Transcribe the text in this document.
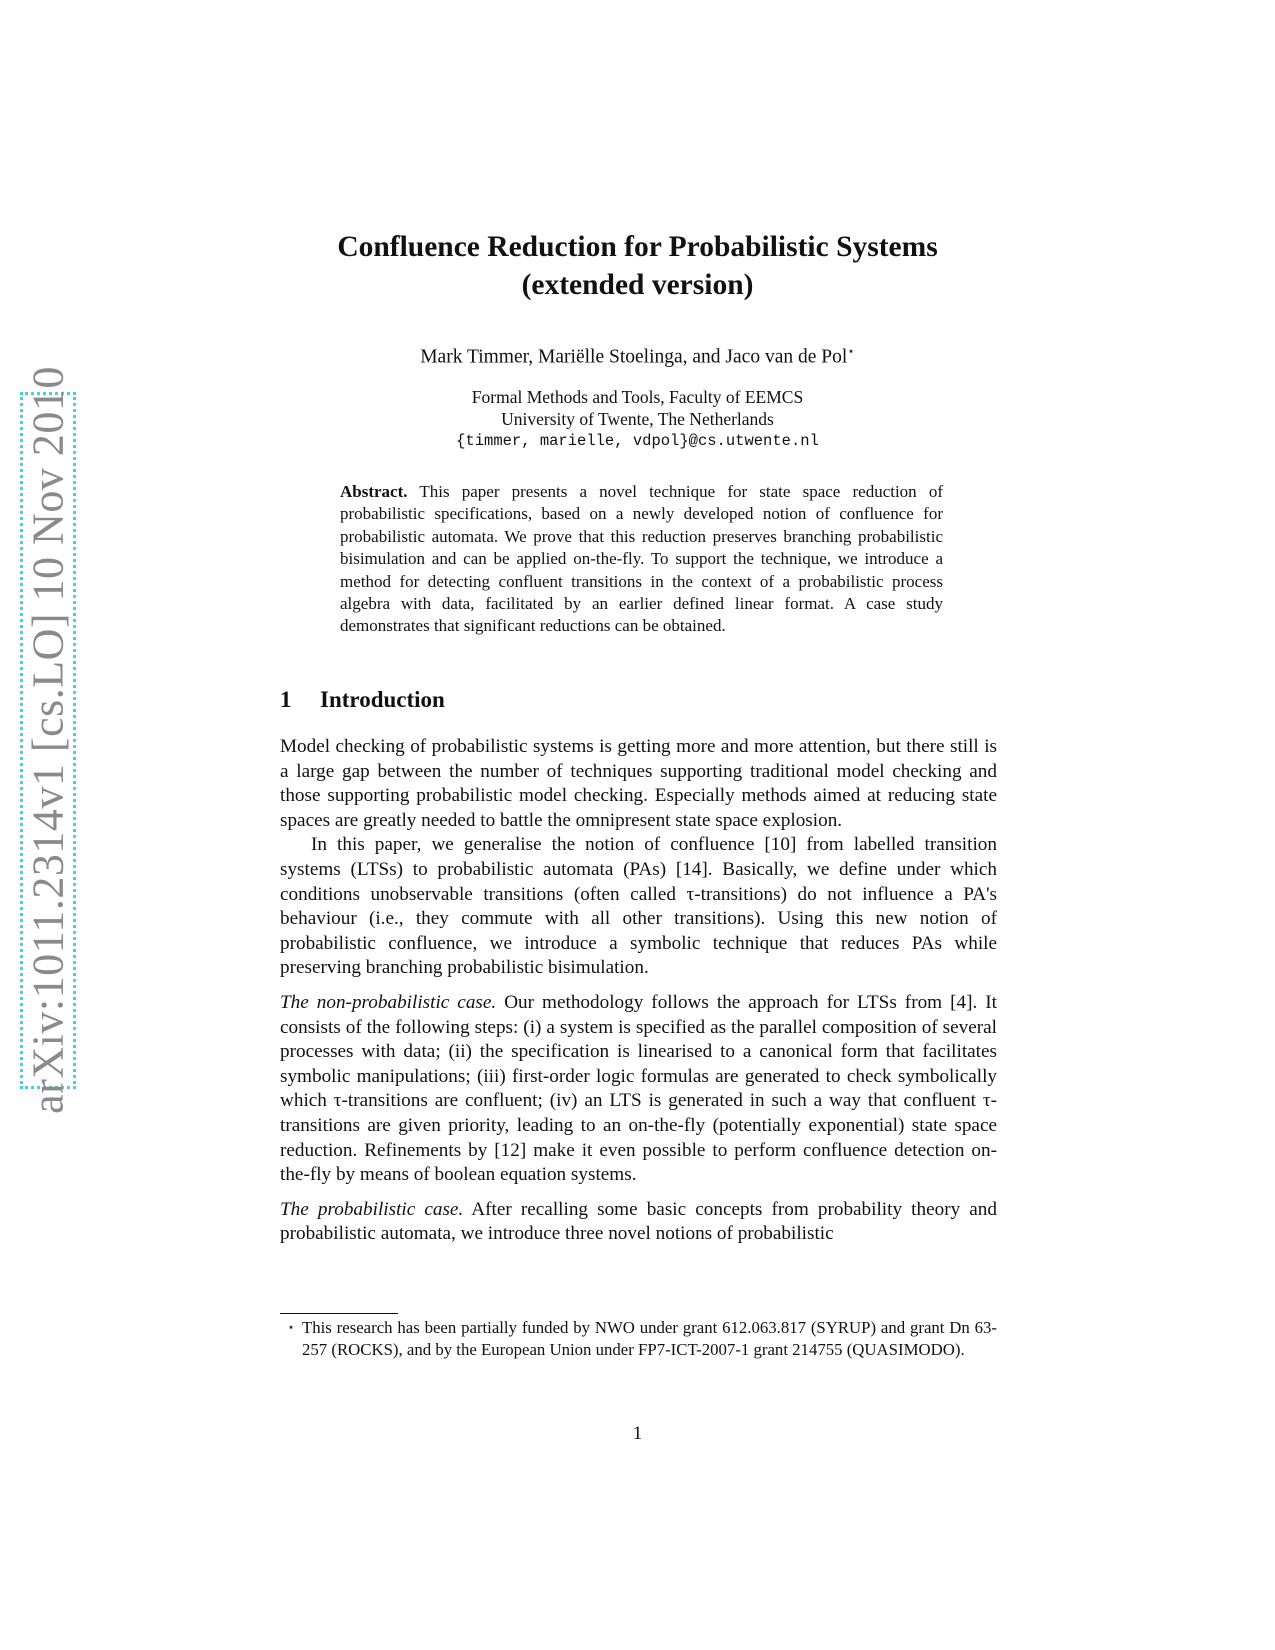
arXiv:1011.2314v1 [cs.LO] 10 Nov 2010
Confluence Reduction for Probabilistic Systems
(extended version)
Mark Timmer, Mariëlle Stoelinga, and Jaco van de Pol⋆
Formal Methods and Tools, Faculty of EEMCS
University of Twente, The Netherlands
{timmer, marielle, vdpol}@cs.utwente.nl
Abstract. This paper presents a novel technique for state space reduction of probabilistic specifications, based on a newly developed notion of confluence for probabilistic automata. We prove that this reduction preserves branching probabilistic bisimulation and can be applied on-the-fly. To support the technique, we introduce a method for detecting confluent transitions in the context of a probabilistic process algebra with data, facilitated by an earlier defined linear format. A case study demonstrates that significant reductions can be obtained.
1 Introduction

Model checking of probabilistic systems is getting more and more attention, but there still is a large gap between the number of techniques supporting traditional model checking and those supporting probabilistic model checking. Especially methods aimed at reducing state spaces are greatly needed to battle the omnipresent state space explosion.

In this paper, we generalise the notion of confluence [10] from labelled transition systems (LTSs) to probabilistic automata (PAs) [14]. Basically, we define under which conditions unobservable transitions (often called τ-transitions) do not influence a PA's behaviour (i.e., they commute with all other transitions). Using this new notion of probabilistic confluence, we introduce a symbolic technique that reduces PAs while preserving branching probabilistic bisimulation.

The non-probabilistic case. Our methodology follows the approach for LTSs from [4]. It consists of the following steps: (i) a system is specified as the parallel composition of several processes with data; (ii) the specification is linearised to a canonical form that facilitates symbolic manipulations; (iii) first-order logic formulas are generated to check symbolically which τ-transitions are confluent; (iv) an LTS is generated in such a way that confluent τ-transitions are given priority, leading to an on-the-fly (potentially exponential) state space reduction. Refinements by [12] make it even possible to perform confluence detection on-the-fly by means of boolean equation systems.

The probabilistic case. After recalling some basic concepts from probability theory and probabilistic automata, we introduce three novel notions of probabilistic

⋆ This research has been partially funded by NWO under grant 612.063.817 (SYRUP) and grant Dn 63-257 (ROCKS), and by the European Union under FP7-ICT-2007-1 grant 214755 (QUASIMODO).
1
